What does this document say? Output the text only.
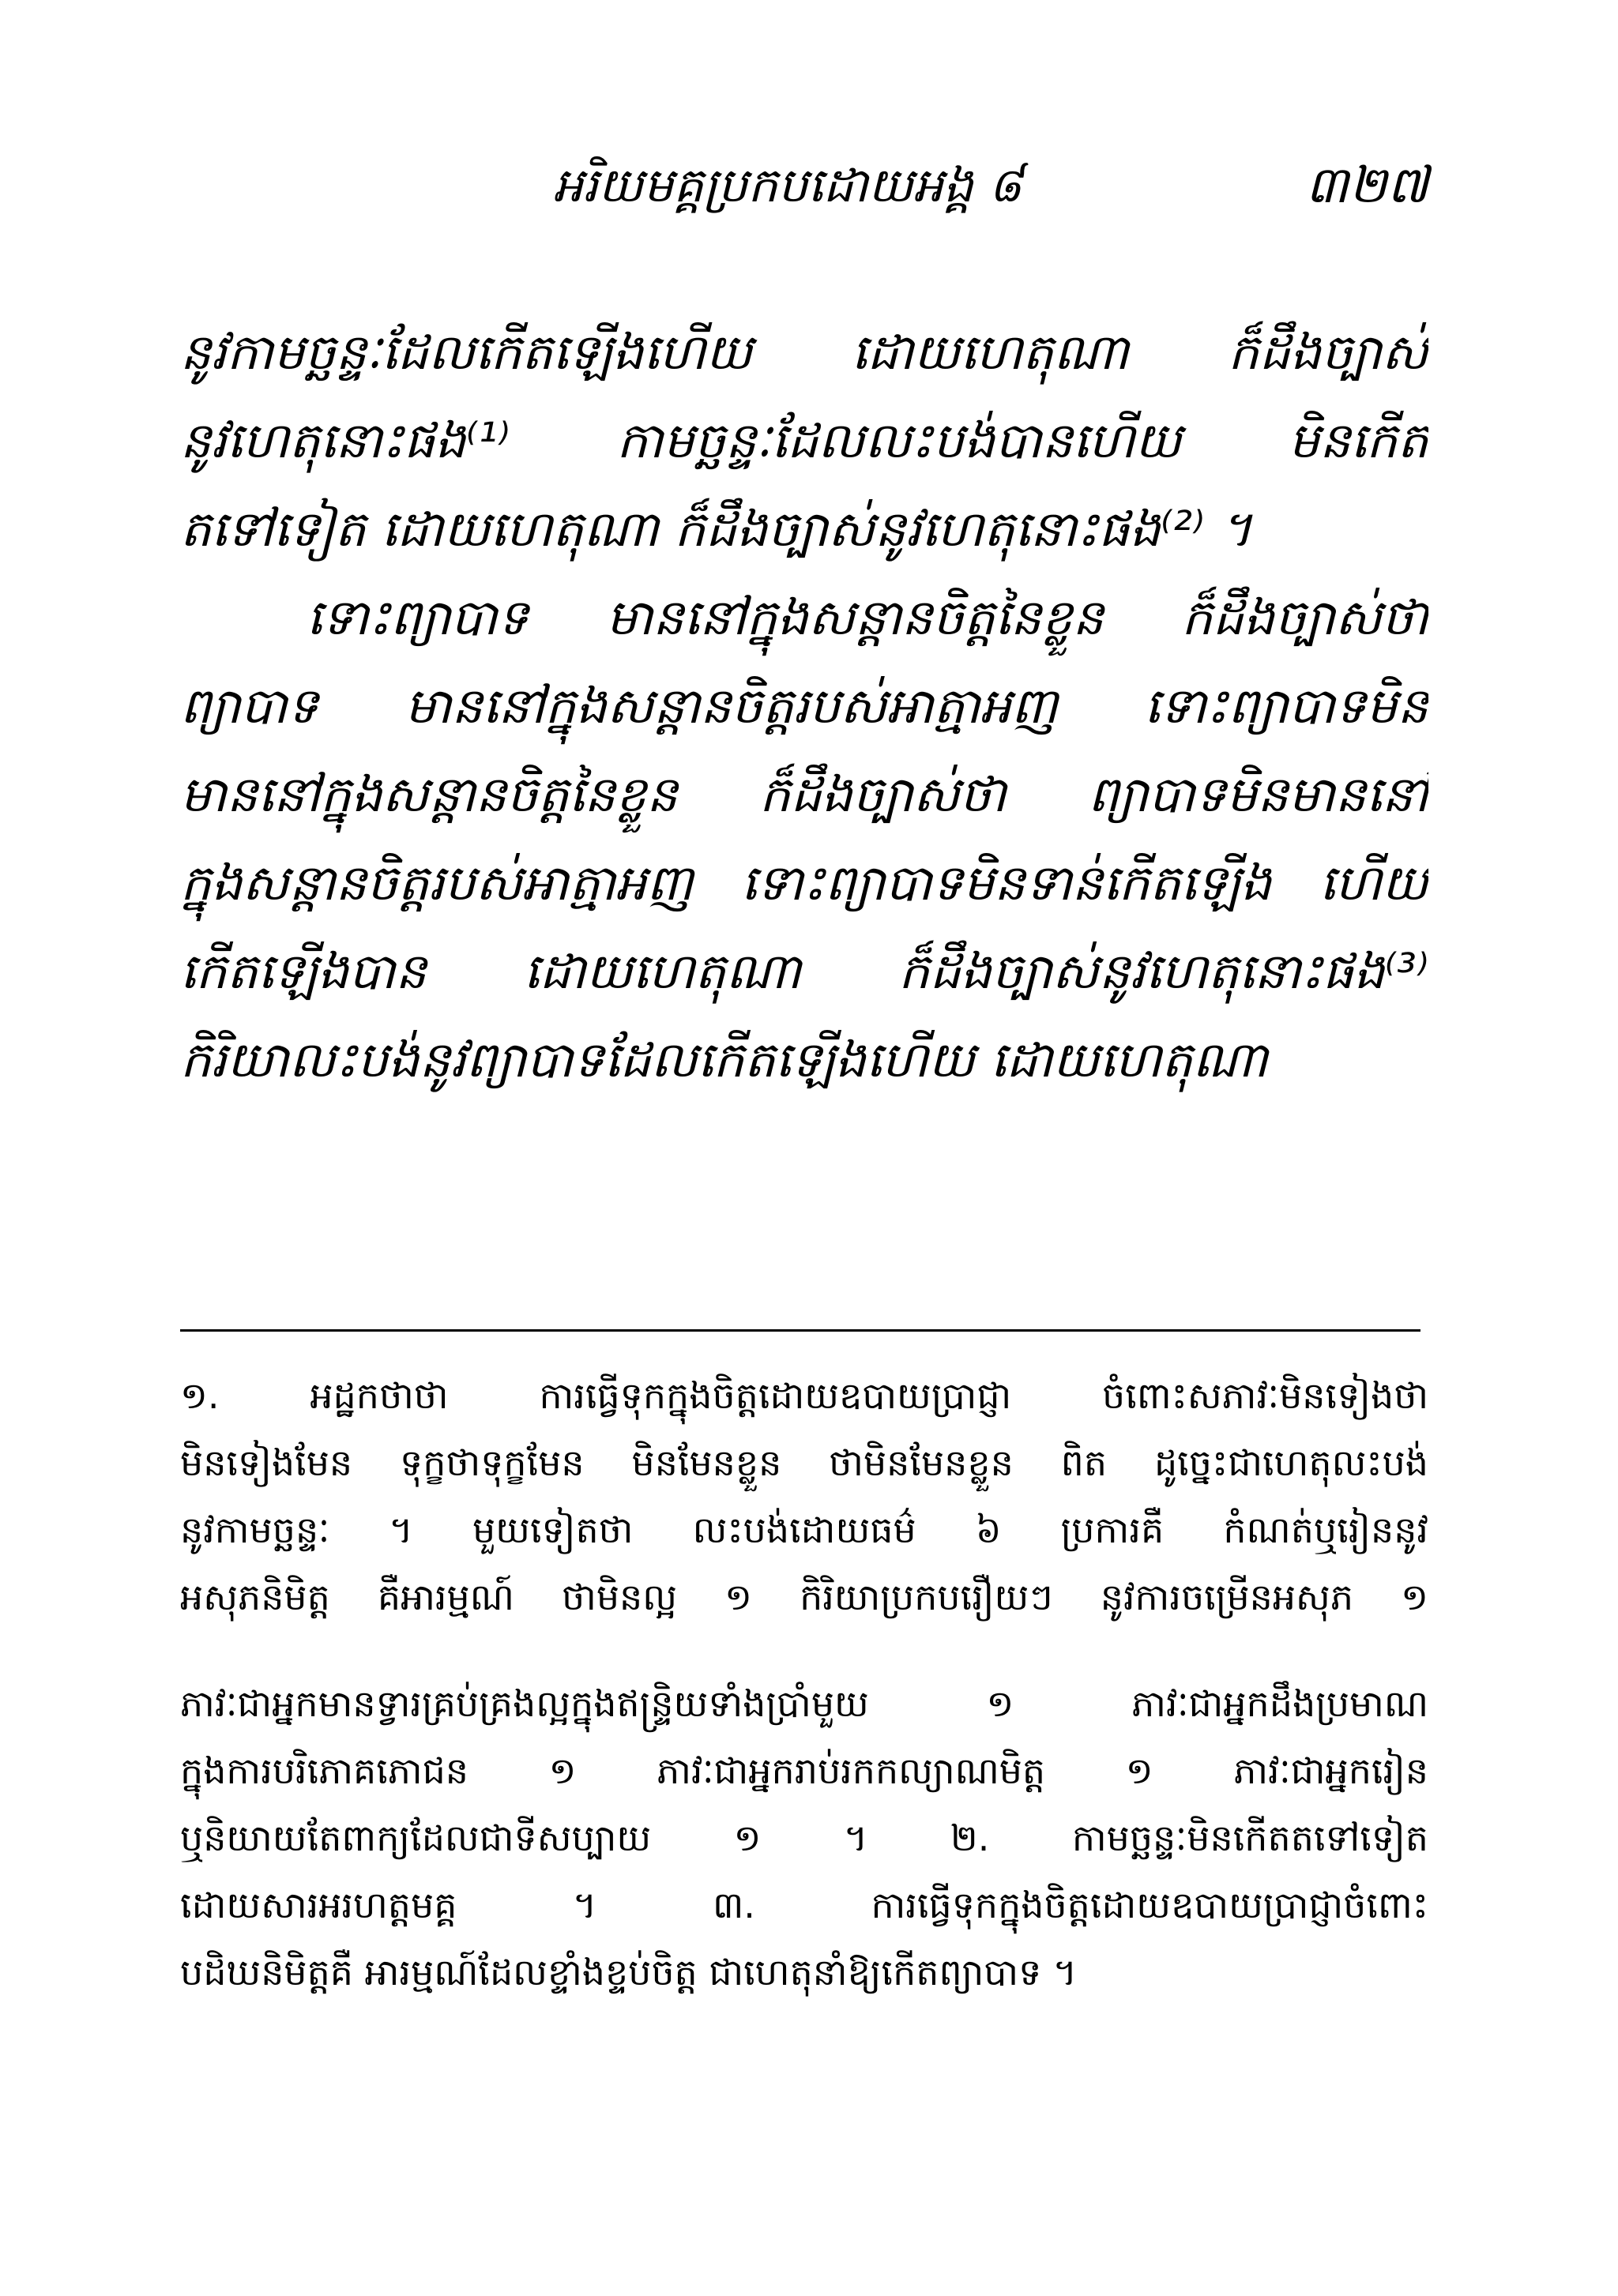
អរិយមគ្គប្រកបដោយអង្គ ៨	៣២៧
នូវកាមច្ឆន្ទៈដែលកើតឡើងហើយ ដោយហេតុណា ក៏ដឹងច្បាស់
នូវហេតុនោះផង⁽¹⁾ កាមច្ឆន្ទៈដែលលះបង់បានហើយ មិនកើត
តទៅទៀត ដោយហេតុណា ក៏ដឹងច្បាស់នូវហេតុនោះផង⁽²⁾ ។
ទោះព្យាបាទ មាននៅក្នុងសន្តានចិត្តនៃខ្លួន ក៏ដឹងច្បាស់ថា
ព្យាបាទ មាននៅក្នុងសន្តានចិត្តរបស់អាត្មាអញ ទោះព្យាបាទមិន
មាននៅក្នុងសន្តានចិត្តនៃខ្លួន ក៏ដឹងច្បាស់ថា ព្យាបាទមិនមាននៅ
ក្នុងសន្តានចិត្តរបស់អាត្មាអញ ទោះព្យាបាទមិនទាន់កើតឡើង ហើយ
កើតឡើងបាន ដោយហេតុណា ក៏ដឹងច្បាស់នូវហេតុនោះផង⁽³⁾
កិរិយាលះបង់នូវព្យាបាទដែលកើតឡើងហើយ ដោយហេតុណា
១. អដ្ឋកថាថា ការធ្វើទុកក្នុងចិត្តដោយឧបាយប្រាជ្ញា ចំពោះសភាវៈមិនទៀងថា
មិនទៀងមែន ទុក្ខថាទុក្ខមែន មិនមែនខ្លួន ថាមិនមែនខ្លួន ពិត ដូច្នេះជាហេតុលះបង់
នូវកាមច្ឆន្ទៈ ។ មួយទៀតថា លះបង់ដោយធម៌ ៦ ប្រការគឺ កំណត់ឬរៀននូវ
អសុភនិមិត្ត គឺអារម្មណ៍ ថាមិនល្អ ១ កិរិយាប្រកបរឿយៗ នូវការចម្រើនអសុភ ១
ភាវៈជាអ្នកមានទ្វារគ្រប់គ្រងល្អក្នុងឥន្ទ្រិយទាំងប្រាំមួយ ១ ភាវៈជាអ្នកដឹងប្រមាណ
ក្នុងការបរិភោគភោជន ១ ភាវៈជាអ្នករាប់រកកល្យាណមិត្ត ១ ភាវៈជាអ្នករៀន
ឬនិយាយតែពាក្យដែលជាទីសប្បាយ ១ ។ ២. កាមច្ឆន្ទៈមិនកើតតទៅទៀត
ដោយសារអរហត្តមគ្គ ។ ៣. ការធ្វើទុកក្នុងចិត្តដោយឧបាយប្រាជ្ញាចំពោះ
បដិឃនិមិត្តគឺ អារម្មណ៍ដែលខ្ទាំងខ្ទប់ចិត្ត ជាហេតុនាំឱ្យកើតព្យាបាទ ។
